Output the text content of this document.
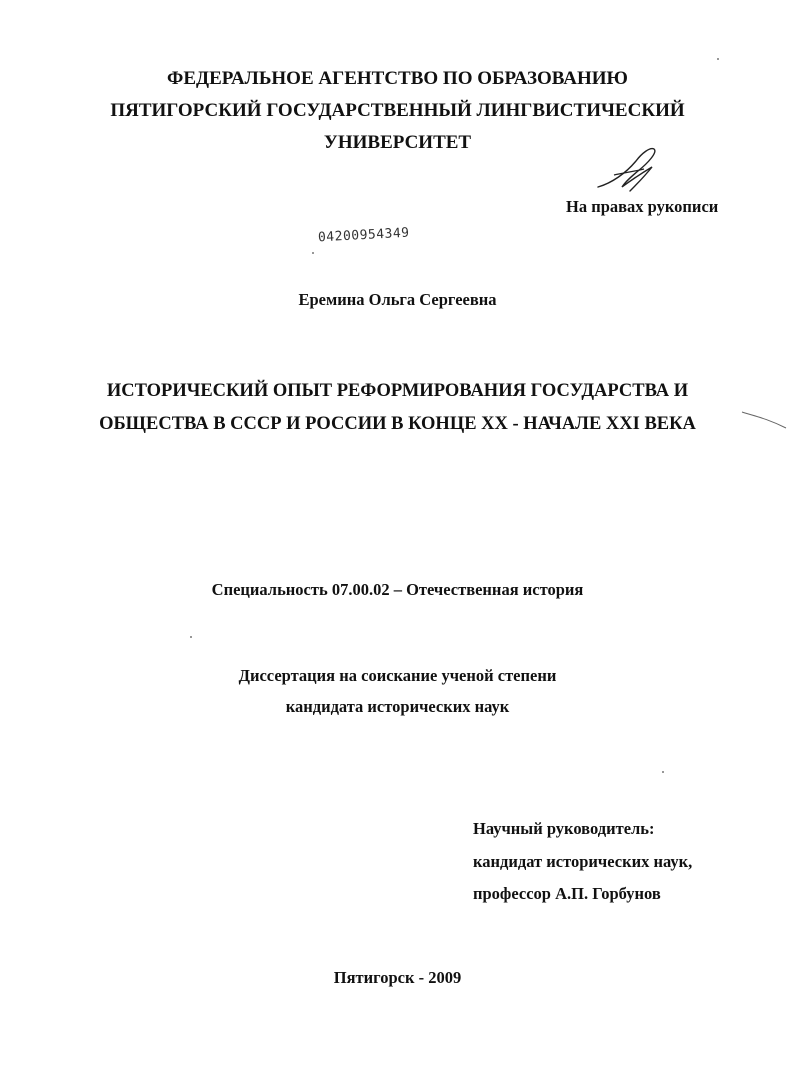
ФЕДЕРАЛЬНОЕ АГЕНТСТВО ПО ОБРАЗОВАНИЮ
ПЯТИГОРСКИЙ ГОСУДАРСТВЕННЫЙ ЛИНГВИСТИЧЕСКИЙ
УНИВЕРСИТЕТ
На правах рукописи
04200954349
Еремина Ольга Сергеевна
ИСТОРИЧЕСКИЙ ОПЫТ РЕФОРМИРОВАНИЯ ГОСУДАРСТВА И
ОБЩЕСТВА В СССР И РОССИИ В КОНЦЕ XX - НАЧАЛЕ XXI ВЕКА
Специальность 07.00.02 – Отечественная история
Диссертация на соискание ученой степени
кандидата исторических наук
Научный руководитель:
кандидат исторических наук,
профессор А.П. Горбунов
Пятигорск - 2009
